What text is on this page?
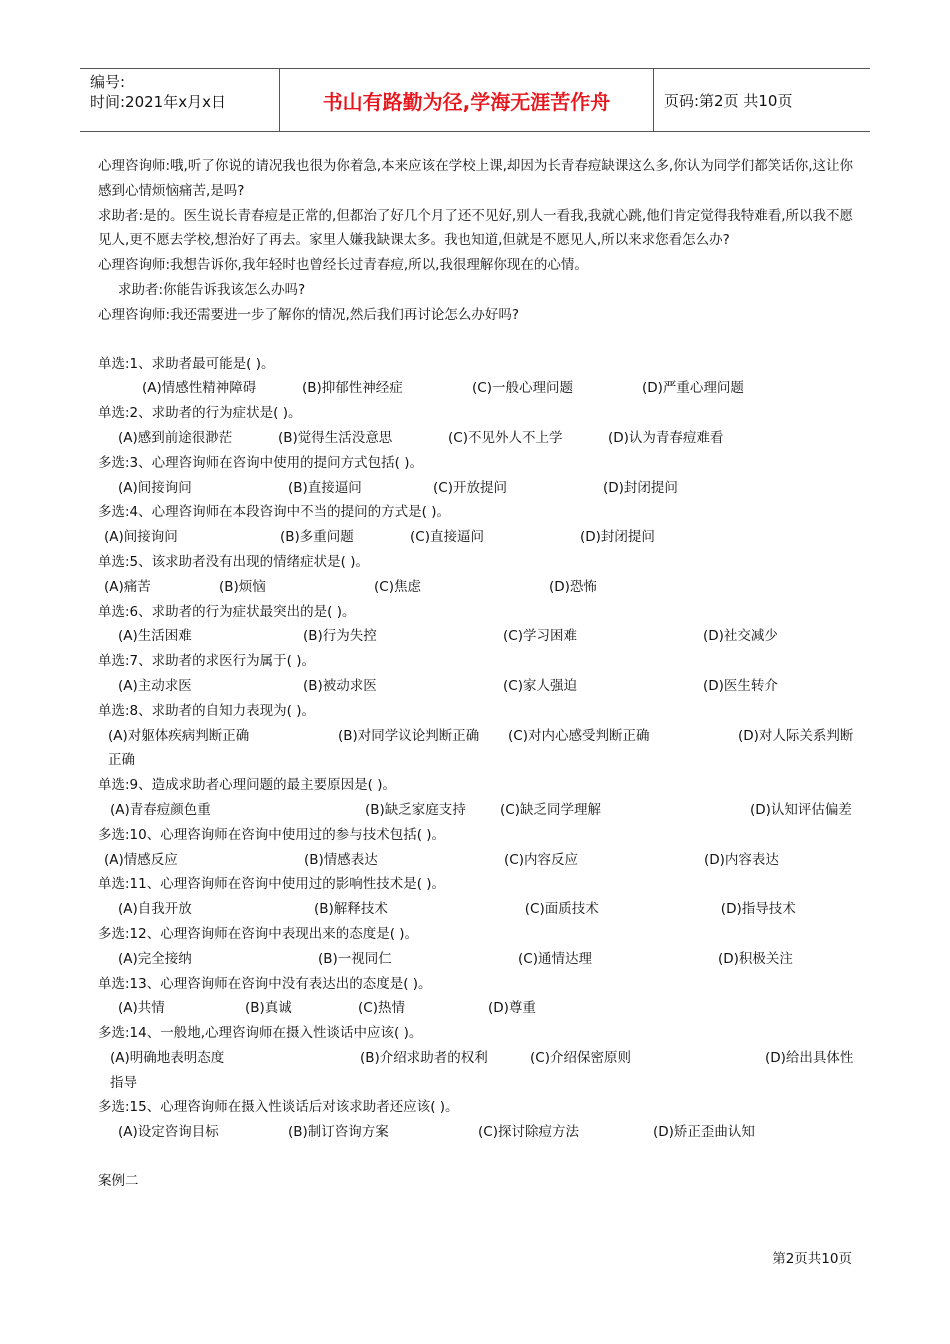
编号:
时间:2021年x月x日	书山有路勤为径,学海无涯苦作舟	页码:第2页 共10页

心理咨询师:哦,听了你说的请况我也很为你着急,本来应该在学校上课,却因为长青春痘缺课这么多,你认为同学们都笑话你,这让你感到心情烦恼痛苦,是吗?

求助者:是的。医生说长青春痘是正常的,但都治了好几个月了还不见好,别人一看我,我就心跳,他们肯定觉得我特难看,所以我不愿见人,更不愿去学校,想治好了再去。家里人嫌我缺课太多。我也知道,但就是不愿见人,所以来求您看怎么办?

心理咨询师:我想告诉你,我年轻时也曾经长过青春痘,所以,我很理解你现在的心情。

求助者:你能告诉我该怎么办吗?

心理咨询师:我还需要进一步了解你的情况,然后我们再讨论怎么办好吗?

单选:1、求助者最可能是( )。

(A)情感性精神障碍	(B)抑郁性神经症	(C)一般心理问题	(D)严重心理问题

单选:2、求助者的行为症状是( )。

(A)感到前途很渺茫	(B)觉得生活没意思	(C)不见外人不上学	(D)认为青春痘难看

多选:3、心理咨询师在咨询中使用的提问方式包括( )。

(A)间接询问	(B)直接逼问	(C)开放提问	(D)封闭提问

多选:4、心理咨询师在本段咨询中不当的提问的方式是( )。

(A)间接询问	(B)多重问题	(C)直接逼问	(D)封闭提问

单选:5、该求助者没有出现的情绪症状是( )。

(A)痛苦	(B)烦恼	(C)焦虑	(D)恐怖

单选:6、求助者的行为症状最突出的是( )。

(A)生活困难	(B)行为失控	(C)学习困难	(D)社交减少

单选:7、求助者的求医行为属于( )。

(A)主动求医	(B)被动求医	(C)家人强迫	(D)医生转介

单选:8、求助者的自知力表现为( )。

(A)对躯体疾病判断正确	(B)对同学议论判断正确 (C)对内心感受判断正确	(D)对人际关系判断正确

单选:9、造成求助者心理问题的最主要原因是( )。

(A)青春痘颜色重	(B)缺乏家庭支持	(C)缺乏同学理解	(D)认知评估偏差

多选:10、心理咨询师在咨询中使用过的参与技术包括( )。

(A)情感反应	(B)情感表达	(C)内容反应	(D)内容表达

单选:11、心理咨询师在咨询中使用过的影响性技术是( )。

(A)自我开放	(B)解释技术	(C)面质技术	(D)指导技术

多选:12、心理咨询师在咨询中表现出来的态度是( )。

(A)完全接纳	(B)一视同仁	(C)通情达理	(D)积极关注

单选:13、心理咨询师在咨询中没有表达出的态度是( )。

(A)共情	(B)真诚	(C)热情	(D)尊重

多选:14、一般地,心理咨询师在摄入性谈话中应该( )。

(A)明确地表明态度	(B)介绍求助者的权利	(C)介绍保密原则	(D)给出具体性指导

多选:15、心理咨询师在摄入性谈话后对该求助者还应该( )。

(A)设定咨询目标	(B)制订咨询方案	(C)探讨除痘方法	(D)矫正歪曲认知

案例二

第2页共10页
